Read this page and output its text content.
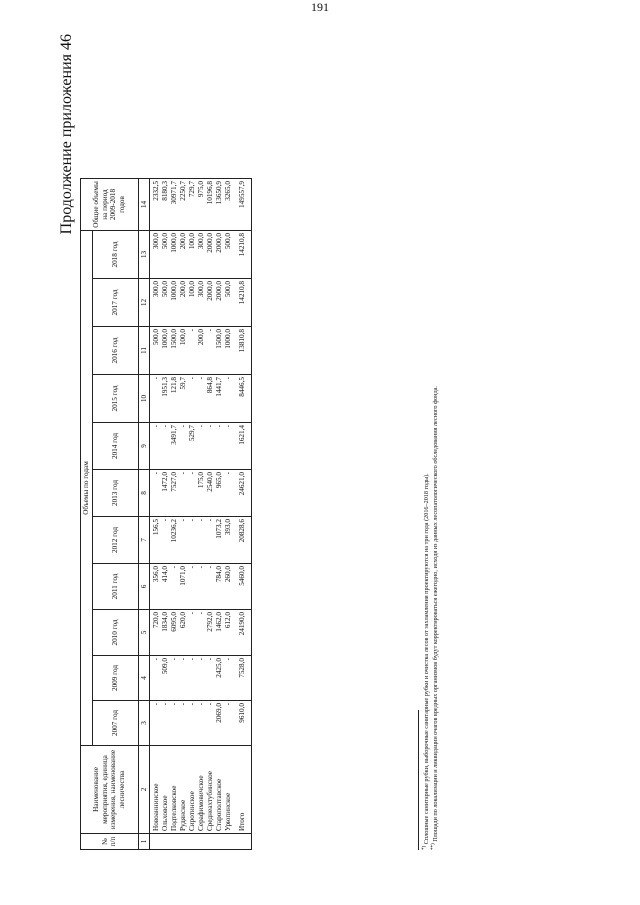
191
Продолжение приложения 46
№ п/п	Наименование мероприятия, единица измерения, наименование лесничества	Объемы по годам											Общие объемы на период 2009-2018 годов
		2007 год	2009 год	2010 год	2011 год	2012 год	2013 год	2014 год	2015 год	2016 год	2017 год	2018 год	
1	2	3	4	5	6	7	8	9	10	11	12	13	14
	Новоаннинское	-	-	720,0	356,0	156,5	-	-	-	500,0	300,0	300,0	2332,5
	Ольховское	-	509,0	1834,0	414,0	-	1472,0	-	1951,3	1000,0	500,0	500,0	8180,3
	Подтелковское	-	-	6095,0	-	10236,2	7527,0	3491,7	121,8	1500,0	1000,0	1000,0	30971,7
	Рудянское	-	-	620,0	1071,0	-	-	-	59,7	100,0	200,0	200,0	2250,7
	Сиротинское	-	-	-	-	-	-	529,7	-	-	100,0	100,0	729,7
	Серафимовичское	-	-	-	-	-	175,0	-	-	200,0	300,0	300,0	975,0
	Среднеахтубинское	-	-	2792,0	-	-	2540,0	-	864,8	-	2000,0	2000,0	10196,8
	Старополтавское	2069,0	2425,0	1462,0	784,0	1073,2	965,0	-	1441,7	1500,0	2000,0	2000,0	13650,9
	Урюпинское	-	-	612,0	260,0	393,0	-	-	-	1000,0	500,0	500,0	3265,0
	Итого	9610,0	7528,0	24190,0	5460,0	20828,6	24621,0	1621,4	8446,5	13810,8	14210,8	14210,8	149557,9
*) Сплошные санитарные рубки, выборочные санитарные рубки и очистка лесов от захламления проектируются на три года (2016–2018 годы).
**) Площади по локализации и ликвидации очагов вредных организмов будут корректироваться ежегодно, исходя из данных лесопатологического обследования лесного фонда.
